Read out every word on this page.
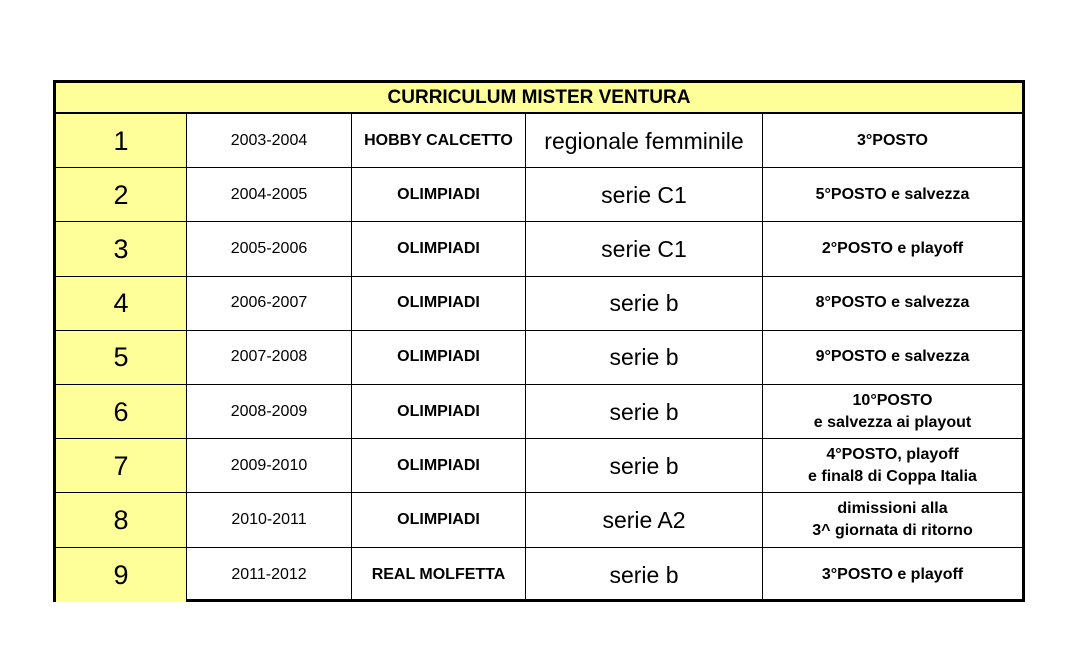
CURRICULUM MISTER VENTURA
1	2003-2004	HOBBY CALCETTO	regionale femminile	3°POSTO
2	2004-2005	OLIMPIADI	serie C1	5°POSTO e salvezza
3	2005-2006	OLIMPIADI	serie C1	2°POSTO e playoff
4	2006-2007	OLIMPIADI	serie b	8°POSTO e salvezza
5	2007-2008	OLIMPIADI	serie b	9°POSTO e salvezza
6	2008-2009	OLIMPIADI	serie b	10°POSTO
e salvezza ai playout
7	2009-2010	OLIMPIADI	serie b	4°POSTO, playoff
e final8 di Coppa Italia
8	2010-2011	OLIMPIADI	serie A2	dimissioni alla
3^ giornata di ritorno
9	2011-2012	REAL MOLFETTA	serie b	3°POSTO e playoff
